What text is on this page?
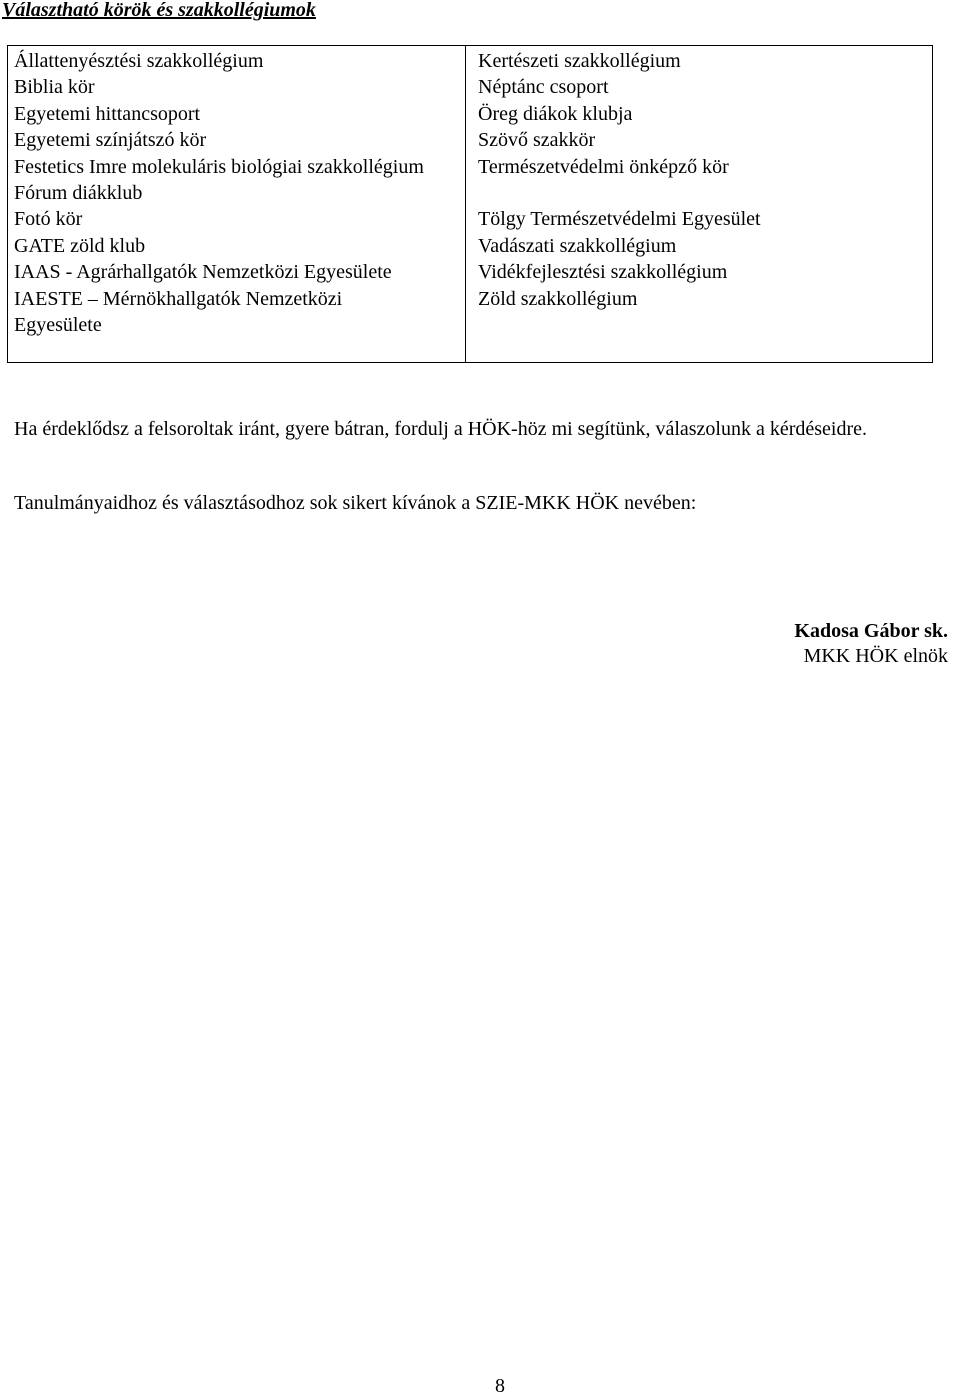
Választható körök és szakkollégiumok
Állattenyésztési szakkollégium
Biblia kör
Egyetemi hittancsoport
Egyetemi színjátszó kör
Festetics Imre molekuláris biológiai szakkollégium
Fórum diákklub
Fotó kör
GATE zöld klub
IAAS - Agrárhallgatók Nemzetközi Egyesülete
IAESTE – Mérnökhallgatók Nemzetközi Egyesülete
Kertészeti szakkollégium
Néptánc csoport
Öreg diákok klubja
Szövő szakkör
Természetvédelmi önképző kör
Tölgy Természetvédelmi Egyesület
Vadászati szakkollégium
Vidékfejlesztési szakkollégium
Zöld szakkollégium
Ha érdeklődsz a felsoroltak iránt, gyere bátran, fordulj a HÖK-höz mi segítünk, válaszolunk a kérdéseidre.
Tanulmányaidhoz és választásodhoz sok sikert kívánok a SZIE-MKK HÖK nevében:
Kadosa Gábor sk.
MKK HÖK elnök
8
